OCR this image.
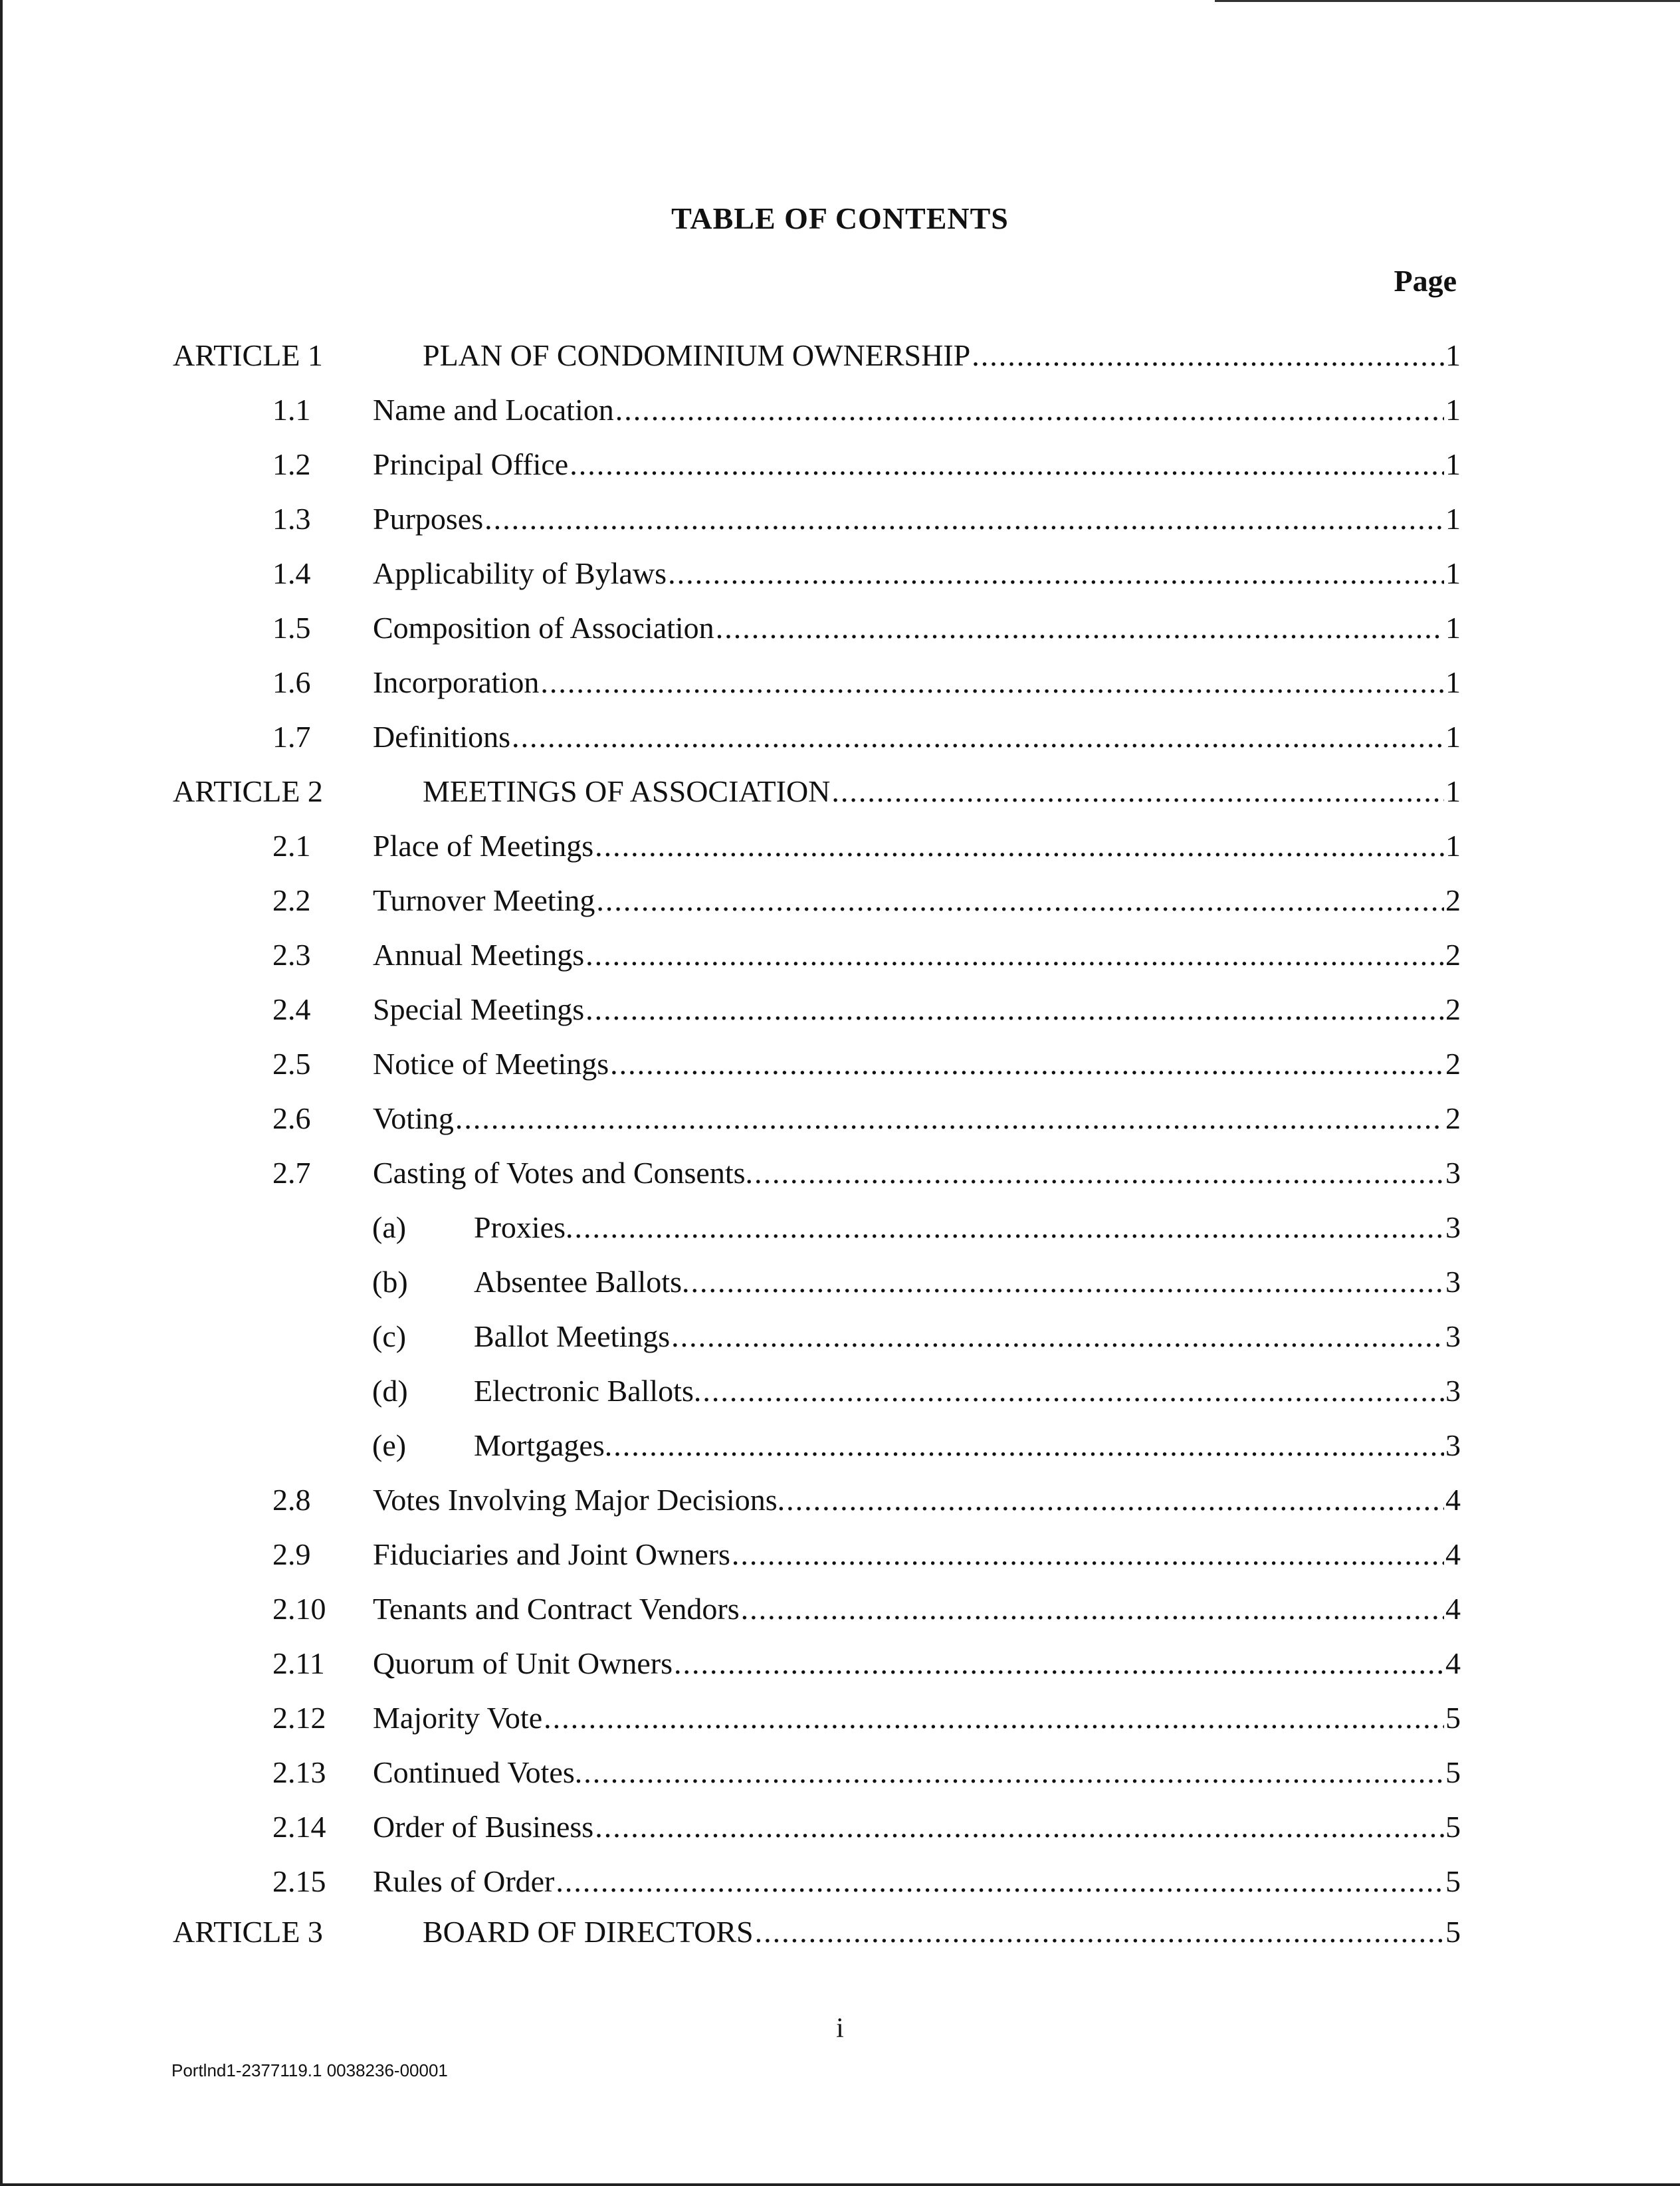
TABLE OF CONTENTS
Page
ARTICLE 1	PLAN OF CONDOMINIUM OWNERSHIP .....	1
1.1 Name and Location .....	1
1.2 Principal Office .....	1
1.3 Purposes .....	1
1.4 Applicability of Bylaws .....	1
1.5 Composition of Association .....	1
1.6 Incorporation .....	1
1.7 Definitions .....	1
ARTICLE 2	MEETINGS OF ASSOCIATION .....	1
2.1 Place of Meetings .....	1
2.2 Turnover Meeting .....	2
2.3 Annual Meetings .....	2
2.4 Special Meetings .....	2
2.5 Notice of Meetings .....	2
2.6 Voting .....	2
2.7 Casting of Votes and Consents. .....	3
(a) Proxies. .....	3
(b) Absentee Ballots. .....	3
(c) Ballot Meetings .....	3
(d) Electronic Ballots. .....	3
(e) Mortgages. .....	3
2.8 Votes Involving Major Decisions. .....	4
2.9 Fiduciaries and Joint Owners .....	4
2.10 Tenants and Contract Vendors .....	4
2.11 Quorum of Unit Owners .....	4
2.12 Majority Vote .....	5
2.13 Continued Votes. .....	5
2.14 Order of Business .....	5
2.15 Rules of Order .....	5
ARTICLE 3	BOARD OF DIRECTORS .....	5
i
Portlnd1-2377119.1 0038236-00001
